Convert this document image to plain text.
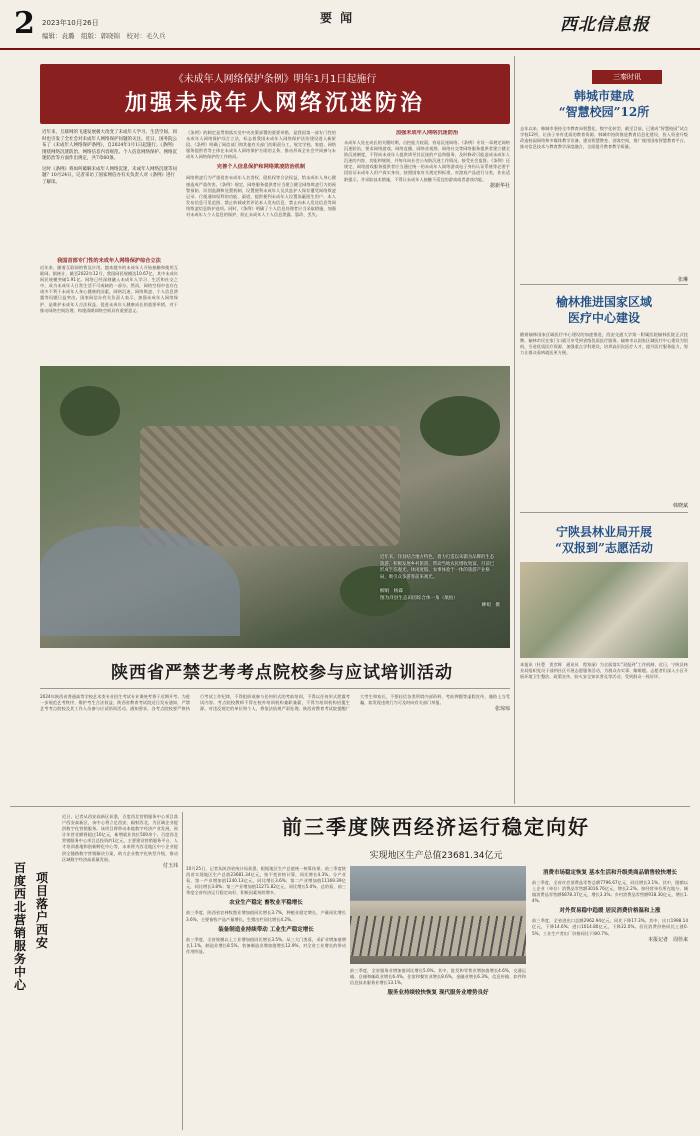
2 2023年10月26日
编辑：袁璐　组版：郭晓锦　校对：毛久兵
要 闻	西北信息报
《未成年人网络保护条例》明年1月1日起施行
加强未成年人网络沉迷防治
近年来，互联网的飞速发展极大改变了未成年人学习、生活空间，同时也引发了全社会对未成年人网络保护问题的关注。近日，国务院公布了《未成年人网络保护条例》，自2024年1月1日起施行。《条例》围绕网络沉迷防治、网络信息内容规范、个人信息网络保护、网络沉迷防治等方面作出规定，共7章60条。
这时《条例》将如何破解未成年人网络沉迷、未成年人网络沉迷等问题？10月24日，记者采访了国家网信办有关负责人对《条例》进行了解读。
我国首部专门性的未成年人网络保护综合立法
近年来，随着互联网的普及应用，越来越多的未成年人开始接触和使用互联网。据统计，截至2022年12月，我国网民规模达10.67亿，其中未成年网民规模突破1.91亿。网络已经深刻融入未成年人学习、生活和社交之中，成为未成年人日常生活不可或缺的一部分。然而，网络空间中也存在诸多不利于未成年人身心健康的因素，网络沉迷、网络欺凌、个人信息泄露等问题日益突出。国家网信办有关负责人表示，加强未成年人网络保护，是维护未成年人合法权益、促进未成年人健康成长的重要举措，对于推动网络空间治理、构建清朗网络空间具有重要意义。
《条例》的制定是贯彻落实党中央决策部署的重要举措，是我国第一部专门性的未成年人网络保护综合立法，标志着我国未成年人网络保护法治建设进入新阶段。《条例》明确了网信部门和其他有关部门的职责分工，规定学校、家庭、网络服务提供者等主体在未成年人网络保护方面的义务，推动形成全社会共同参与未成年人网络保护的工作格局。
完善个人信息保护和网络欺凌防治机制
网络欺凌行为严重侵害未成年人名誉权、隐私权等合法权益，给未成年人身心健康造成严重伤害。《条例》规定，网络服务提供者应当建立健全网络欺凌行为的预警预防、识别监测和处置机制，设置便利未成年人及其监护人保存遭受网络欺凌记录、行使通知权利的功能、渠道，提供便利未成年人设置屏蔽陌生用户、本人发布信息可见范围、禁止转载或者评论本人发布信息、禁止向本人发送信息等网络欺凌信息防护选项。同时，《条例》明确了个人信息处理者应当采取措施，加强对未成年人个人信息的保护，防止未成年人个人信息泄露、篡改、丢失。
加强未成年人网络沉迷防治
未成年人处在成长的关键时期，自控能力较弱，容易沉迷网络。《条例》专设一章规定网络沉迷防治，要求网络游戏、网络直播、网络音视频、网络社交等网络服务提供者建立健全防沉迷制度，不得向未成年人提供诱导其沉迷的产品和服务，及时修改可能造成未成年人沉迷的内容、功能和规则，并每年向社会公布防沉迷工作情况，接受社会监督。《条例》还规定，网络游戏服务提供者应当通过统一的未成年人网络游戏电子身份认证系统等必要手段验证未成年人用户真实身份，按照国家有关规定和标准，对游戏产品进行分类，作出适龄提示，并采取技术措施，不得让未成年人接触不适宜的游戏或者游戏功能。
据新华社
近年来，洋县结合地方特色，着力打造以朱鹮为品牌的生态旅游，积极发展乡村旅游，带动当地农民增收致富。目前已形成生态观光、休闲度假、农事体验于一体的旅游产业格局，吸引众多游客前来观光。
柳娟　杨霖
图为洋县生态田园综合体一角（航拍）
柳娟　摄
陕西省严禁艺考考点院校参与应试培训活动
2024年陕西省普通高等学校艺术类专业招生考试专业课统考将于近期开考。为进一步规范艺考秩序，维护考生合法权益，陕西省教育考试院近日发布通知，严禁艺考考点院校及其工作人员参与应试培训活动。通知要求，各考点院校要严格执行考试工作纪律，不得组织或参与任何形式的考前培训，不得以任何形式泄露考试内容。考点院校教师不得在校外培训机构兼职兼薪，不得为培训机构招揽生源。对违反规定的单位和个人，将依法依规严肃处理。陕西省教育考试院提醒广大考生和家长，不要轻信各类所谓内部资料、考前押题等虚假宣传，谨防上当受骗，如发现违规行为可及时向有关部门举报。
张琼琼
百度西北营销服务中心
项目落户西安
近日，记者从西安高新区获悉，百度西北营销服务中心项目落户西安高新区，该中心将立足西安、辐射西北，为区域企业提供数字化营销服务。该项目将带动本地数字经济产业发展，预计年营业额将超过10亿元，新增就业岗位500余个。百度西北营销服务中心项目总投资约1亿元，主要建设营销服务平台、人才培训基地和创新孵化中心等，未来将为西北地区中小企业提供全链路数字营销解决方案，助力企业数字化转型升级，推动区域数字经济高质量发展。
付玉玮
前三季度陕西经济运行稳定向好
实现地区生产总值23681.34亿元
10月25日，记者从陕西省统计局获悉，根据地区生产总值统一核算结果，前三季度陕西省实现地区生产总值23681.34亿元，按不变价格计算，同比增长4.3%。分产业看，第一产业增加值1240.13亿元，同比增长3.6%；第二产业增加值11169.39亿元，同比增长3.8%；第三产业增加值11271.82亿元，同比增长5.0%。总的看，前三季度全省经济运行稳定向好，积极因素持续增多。
农业生产稳定 畜牧业平稳增长
前三季度，陕西省农林牧渔业增加值同比增长3.7%，种植业稳定增长，产量同比增长3.6%，主要畜牧产品产量增长，生猪出栏同比增长4.2%。
装备制造业持续带动 工业生产稳定增长
前三季度，全省规模以上工业增加值同比增长3.5%。从三大门类看，采矿业增加值增长1.1%，制造业增长8.5%，装备制造业增加值增长12.9%，对全省工业增长的带动作用明显。
前三季度，全省服务业增加值同比增长5.0%。其中，批发和零售业增加值增长4.6%，交通运输、仓储和邮政业增长6.4%，住宿和餐饮业增长8.6%，金融业增长6.3%，信息传输、软件和信息技术服务业增长13.1%。
服务业持续较快恢复 现代服务业增势良好
消费市场稳定恢复 基本生活和升级类商品销售较快增长
前三季度，全省社会消费品零售总额7796.67亿元，同比增长3.1%。其中，限额以上企业（单位）消费品零售额3016.76亿元，增长2.2%。按经营单位所在地分，城镇消费品零售额6878.37亿元，增长3.3%；乡村消费品零售额918.30亿元，增长1.4%。
对外贸易稳中趋缓 居民消费价格温和上涨
前三季度，全省进出口总额2962.94亿元，同比下降17.3%。其中，出口1998.14亿元，下降14.6%；进口1014.80亿元，下降22.0%。居民消费价格同比上涨0.5%，工业生产者出厂价格同比下降0.7%。
本报记者　周佳来
三秦时讯
韩城市建成
“智慧校园”12所
去年以来，韩城市坚持全市教育向智慧化、数字化转型，截至目前，已建成“智慧校园”试点学校12所，让孩子享有优质的教育资源。韩城市持续推进教育信息化建设，投入资金升级改造校园网络和多媒体教学设备，建设智慧教室、创客空间，推广使用国家智慧教育平台，推动信息技术与教育教学深度融合，全面提升教育教学质量。
张琳
榆林推进国家区域
医疗中心建设
随着榆林国家区域医疗中心建设的加速推进，西安交通大学第一附属医院榆林医院正式挂牌，榆林市民在家门口就可享受到省级优质医疗服务。榆林市以国家区域医疗中心建设为契机，引进优质医疗资源，加强重点学科建设，培养高层次医疗人才，提升医疗服务能力，努力让群众看病就医更方便。
韩晓斌
宁陕县林业局开展
“双报到”志愿活动
本报讯（杜甍　贺彦辉　通讯员　程家丽）为全面落实“双报到”工作机制，近日，宁陕县林业局组织党员干部到社区开展志愿服务活动，为群众办实事、解难题。志愿者们深入小区开展环境卫生整治、政策宣传、防火安全知识普及等活动，受到群众一致好评。
